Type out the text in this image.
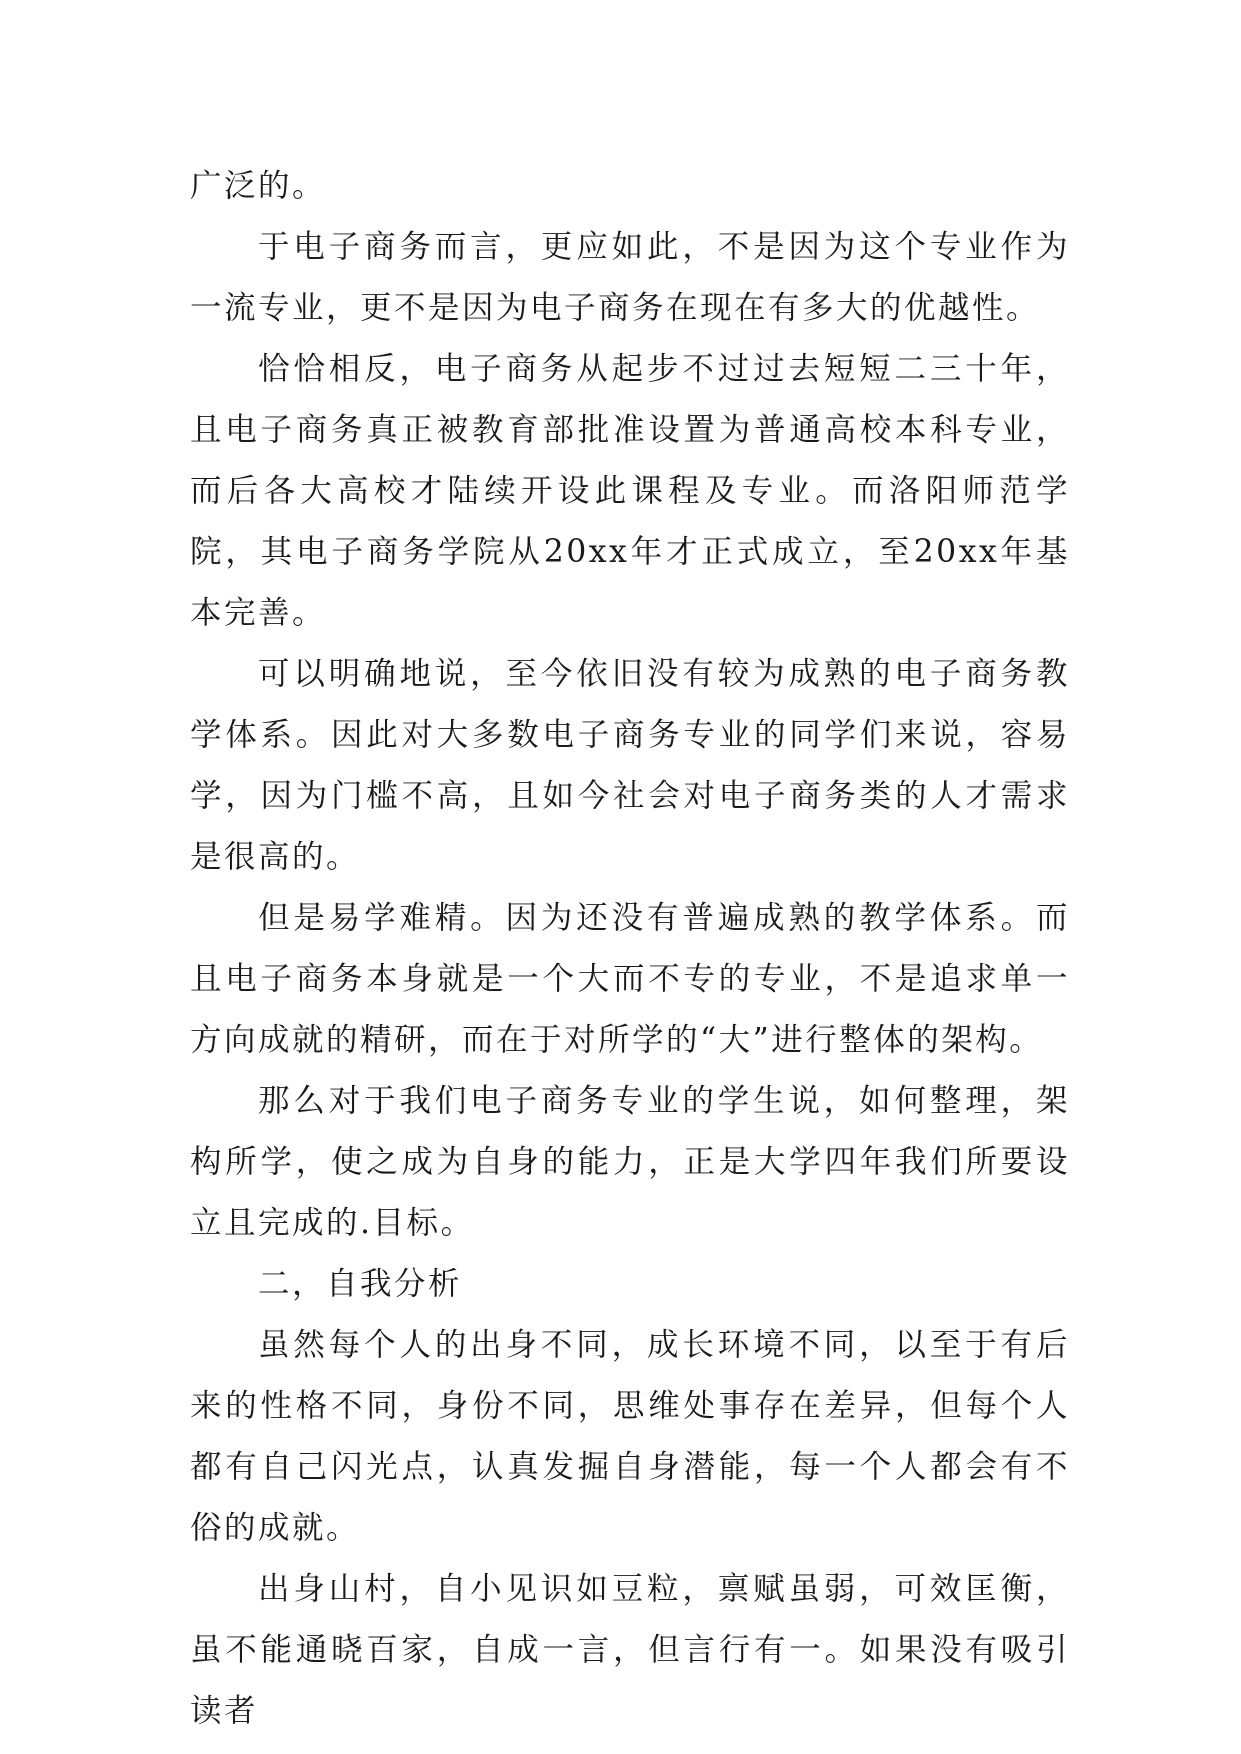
广泛的。

于电子商务而言，更应如此，不是因为这个专业作为一流专业，更不是因为电子商务在现在有多大的优越性。

恰恰相反，电子商务从起步不过过去短短二三十年，且电子商务真正被教育部批准设置为普通高校本科专业，而后各大高校才陆续开设此课程及专业。而洛阳师范学院，其电子商务学院从20xx年才正式成立，至20xx年基本完善。

可以明确地说，至今依旧没有较为成熟的电子商务教学体系。因此对大多数电子商务专业的同学们来说，容易学，因为门槛不高，且如今社会对电子商务类的人才需求是很高的。

但是易学难精。因为还没有普遍成熟的教学体系。而且电子商务本身就是一个大而不专的专业，不是追求单一方向成就的精研，而在于对所学的“大”进行整体的架构。

那么对于我们电子商务专业的学生说，如何整理，架构所学，使之成为自身的能力，正是大学四年我们所要设立且完成的.目标。

二，自我分析

虽然每个人的出身不同，成长环境不同，以至于有后来的性格不同，身份不同，思维处事存在差异，但每个人都有自己闪光点，认真发掘自身潜能，每一个人都会有不俗的成就。

出身山村，自小见识如豆粒，禀赋虽弱，可效匡衡，虽不能通晓百家，自成一言，但言行有一。如果没有吸引读者
